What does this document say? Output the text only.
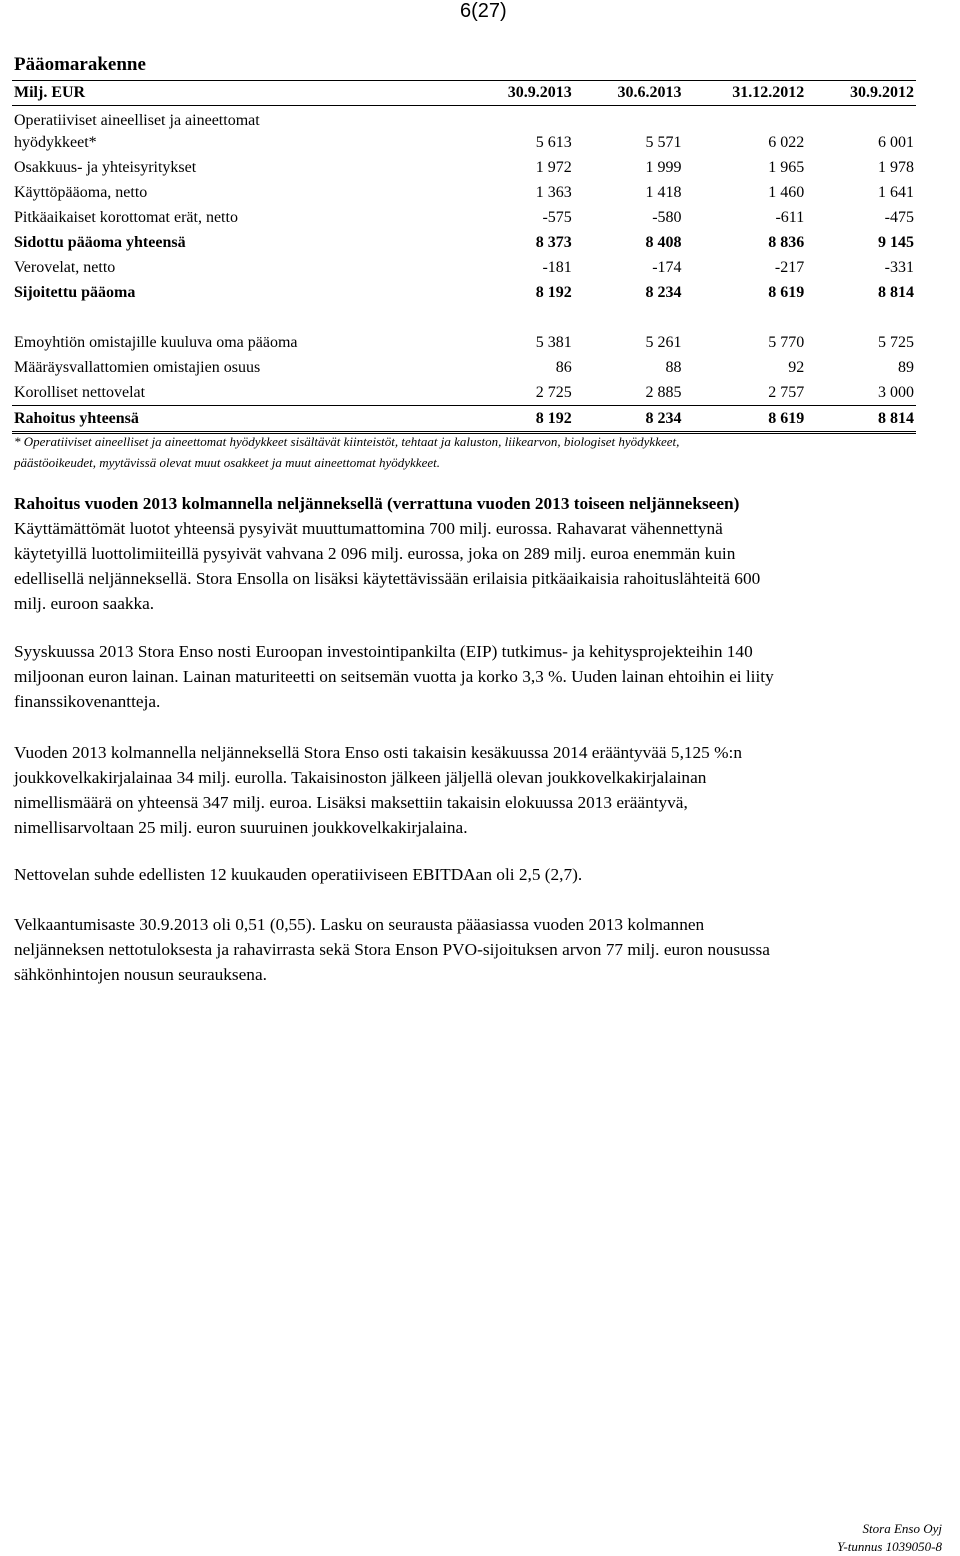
6(27)
Pääomarakenne
Milj. EUR	30.9.2013	30.6.2013	31.12.2012	30.9.2012
Operatiiviset aineelliset ja aineettomat				
hyödykkeet*	5 613	5 571	6 022	6 001
Osakkuus- ja yhteisyritykset	1 972	1 999	1 965	1 978
Käyttöpääoma, netto	1 363	1 418	1 460	1 641
Pitkäaikaiset korottomat erät, netto	-575	-580	-611	-475
Sidottu pääoma yhteensä	8 373	8 408	8 836	9 145
Verovelat, netto	-181	-174	-217	-331
Sijoitettu pääoma	8 192	8 234	8 619	8 814

Emoyhtiön omistajille kuuluva oma pääoma	5 381	5 261	5 770	5 725
Määräysvallattomien omistajien osuus	86	88	92	89
Korolliset nettovelat	2 725	2 885	2 757	3 000
Rahoitus yhteensä	8 192	8 234	8 619	8 814
* Operatiiviset aineelliset ja aineettomat hyödykkeet sisältävät kiinteistöt, tehtaat ja kaluston, liikearvon, biologiset hyödykkeet,
päästöoikeudet, myytävissä olevat muut osakkeet ja muut aineettomat hyödykkeet.
Rahoitus vuoden 2013 kolmannella neljänneksellä (verrattuna vuoden 2013 toiseen neljännekseen)
Käyttämättömät luotot yhteensä pysyivät muuttumattomina 700 milj. eurossa. Rahavarat vähennettynä
käytetyillä luottolimiiteillä pysyivät vahvana 2 096 milj. eurossa, joka on 289 milj. euroa enemmän kuin
edellisellä neljänneksellä. Stora Ensolla on lisäksi käytettävissään erilaisia pitkäaikaisia rahoituslähteitä 600
milj. euroon saakka.
Syyskuussa 2013 Stora Enso nosti Euroopan investointipankilta (EIP) tutkimus- ja kehitysprojekteihin 140
miljoonan euron lainan. Lainan maturiteetti on seitsemän vuotta ja korko 3,3 %. Uuden lainan ehtoihin ei liity
finanssikovenantteja.
Vuoden 2013 kolmannella neljänneksellä Stora Enso osti takaisin kesäkuussa 2014 erääntyvää 5,125 %:n
joukkovelkakirjalainaa 34 milj. eurolla. Takaisinoston jälkeen jäljellä olevan joukkovelkakirjalainan
nimellismäärä on yhteensä 347 milj. euroa. Lisäksi maksettiin takaisin elokuussa 2013 erääntyvä,
nimellisarvoltaan 25 milj. euron suuruinen joukkovelkakirjalaina.
Nettovelan suhde edellisten 12 kuukauden operatiiviseen EBITDAan oli 2,5 (2,7).
Velkaantumisaste 30.9.2013 oli 0,51 (0,55). Lasku on seurausta pääasiassa vuoden 2013 kolmannen
neljänneksen nettotuloksesta ja rahavirrasta sekä Stora Enson PVO-sijoituksen arvon 77 milj. euron nousussa
sähkönhintojen nousun seurauksena.
Stora Enso Oyj
Y-tunnus 1039050-8
